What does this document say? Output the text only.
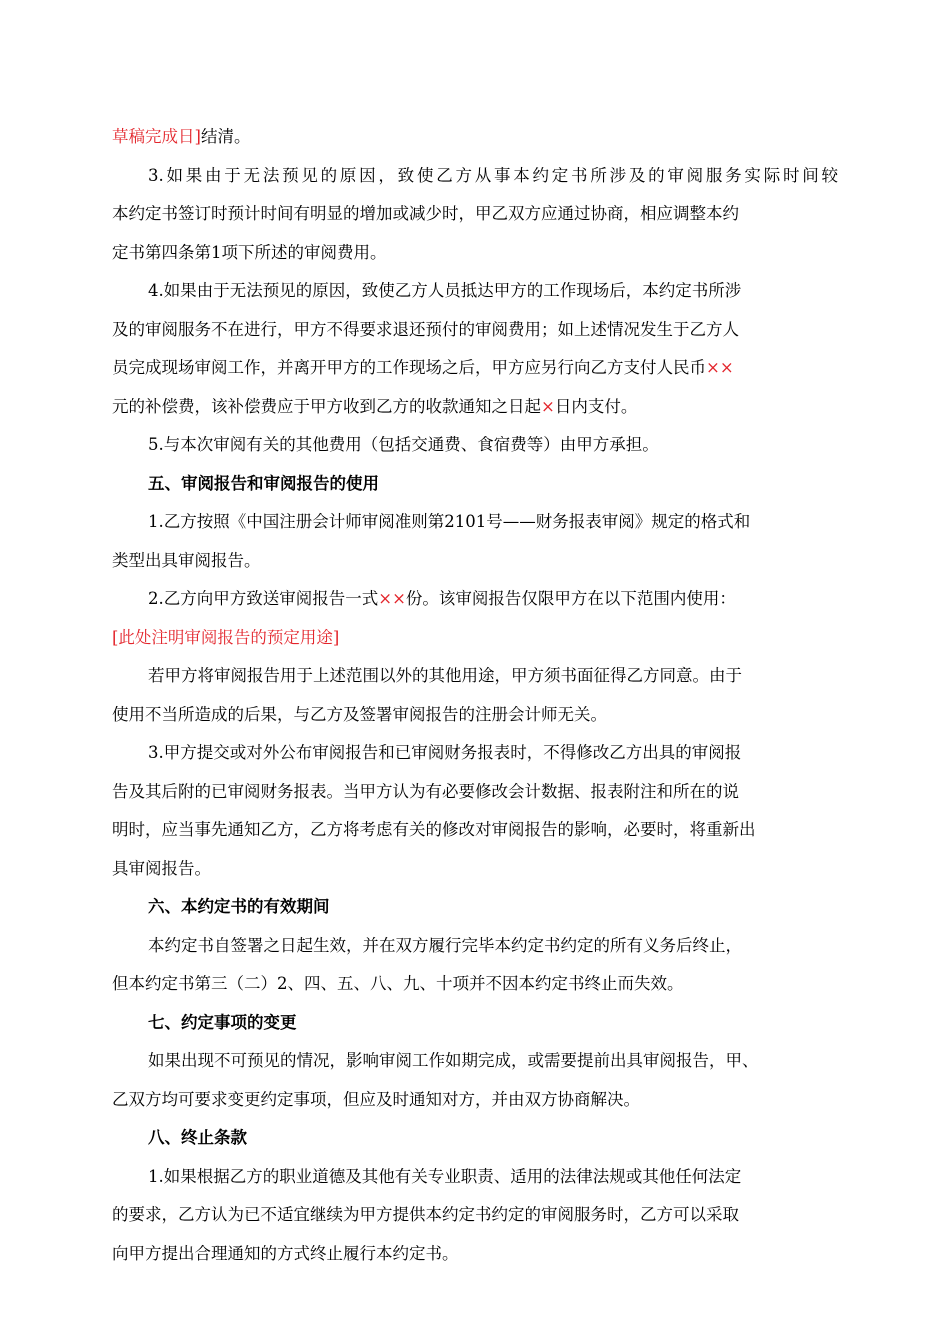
草稿完成日]结清。

3.如果由于无法预见的原因，致使乙方从事本约定书所涉及的审阅服务实际时间较
本约定书签订时预计时间有明显的增加或减少时，甲乙双方应通过协商，相应调整本约
定书第四条第1项下所述的审阅费用。

4.如果由于无法预见的原因，致使乙方人员抵达甲方的工作现场后，本约定书所涉
及的审阅服务不在进行，甲方不得要求退还预付的审阅费用；如上述情况发生于乙方人
员完成现场审阅工作，并离开甲方的工作现场之后，甲方应另行向乙方支付人民币××
元的补偿费，该补偿费应于甲方收到乙方的收款通知之日起×日内支付。

5.与本次审阅有关的其他费用（包括交通费、食宿费等）由甲方承担。

五、审阅报告和审阅报告的使用

1.乙方按照《中国注册会计师审阅准则第2101号——财务报表审阅》规定的格式和
类型出具审阅报告。

2.乙方向甲方致送审阅报告一式××份。该审阅报告仅限甲方在以下范围内使用：
[此处注明审阅报告的预定用途]

若甲方将审阅报告用于上述范围以外的其他用途，甲方须书面征得乙方同意。由于
使用不当所造成的后果，与乙方及签署审阅报告的注册会计师无关。

3.甲方提交或对外公布审阅报告和已审阅财务报表时，不得修改乙方出具的审阅报
告及其后附的已审阅财务报表。当甲方认为有必要修改会计数据、报表附注和所在的说
明时，应当事先通知乙方，乙方将考虑有关的修改对审阅报告的影响，必要时，将重新出
具审阅报告。

六、本约定书的有效期间

本约定书自签署之日起生效，并在双方履行完毕本约定书约定的所有义务后终止，
但本约定书第三（二）2、四、五、八、九、十项并不因本约定书终止而失效。

七、约定事项的变更

如果出现不可预见的情况，影响审阅工作如期完成，或需要提前出具审阅报告，甲、
乙双方均可要求变更约定事项，但应及时通知对方，并由双方协商解决。

八、终止条款

1.如果根据乙方的职业道德及其他有关专业职责、适用的法律法规或其他任何法定
的要求，乙方认为已不适宜继续为甲方提供本约定书约定的审阅服务时，乙方可以采取
向甲方提出合理通知的方式终止履行本约定书。
